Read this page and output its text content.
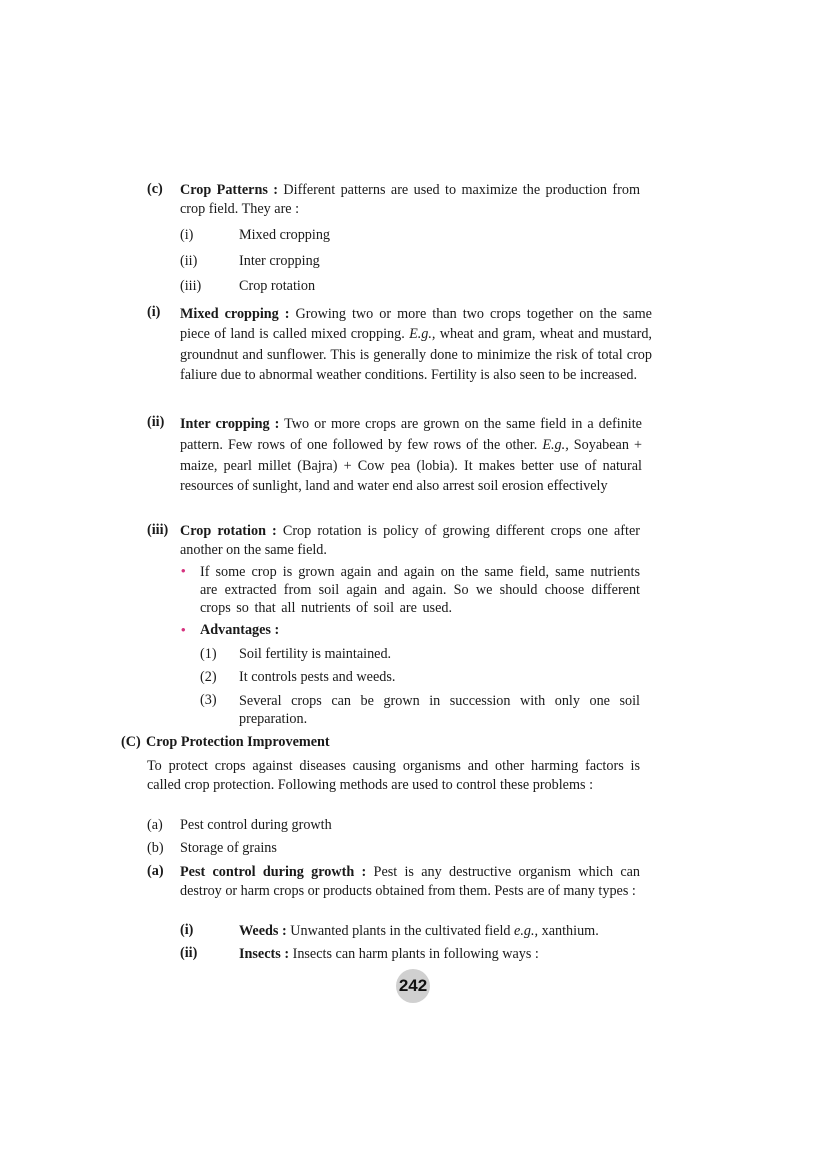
(c) Crop Patterns : Different patterns are used to maximize the production from crop field. They are :
(i)	Mixed cropping
(ii)	Inter cropping
(iii)	Crop rotation
(i) Mixed cropping : Growing two or more than two crops together on the same piece of land is called mixed cropping. E.g., wheat and gram, wheat and mustard, groundnut and sunflower. This is generally done to minimize the risk of total crop faliure due to abnormal weather conditions. Fertility is also seen to be increased.
(ii) Inter cropping : Two or more crops are grown on the same field in a definite pattern. Few rows of one followed by few rows of the other. E.g., Soyabean + maize, pearl millet (Bajra) + Cow pea (lobia). It makes better use of natural resources of sunlight, land and water end also arrest soil erosion effectively
(iii) Crop rotation : Crop rotation is policy of growing different crops one after another on the same field.
• If some crop is grown again and again on the same field, same nutrients are extracted from soil again and again. So we should choose different crops so that all nutrients of soil are used.
• Advantages :
(1) Soil fertility is maintained.
(2) It controls pests and weeds.
(3) Several crops can be grown in succession with only one soil preparation.
(C) Crop Protection Improvement
To protect crops against diseases causing organisms and other harming factors is called crop protection. Following methods are used to control these problems :
(a) Pest control during growth
(b) Storage of grains
(a) Pest control during growth : Pest is any destructive organism which can destroy or harm crops or products obtained from them. Pests are of many types :
(i)	Weeds : Unwanted plants in the cultivated field e.g., xanthium.
(ii)	Insects : Insects can harm plants in following ways :
242
